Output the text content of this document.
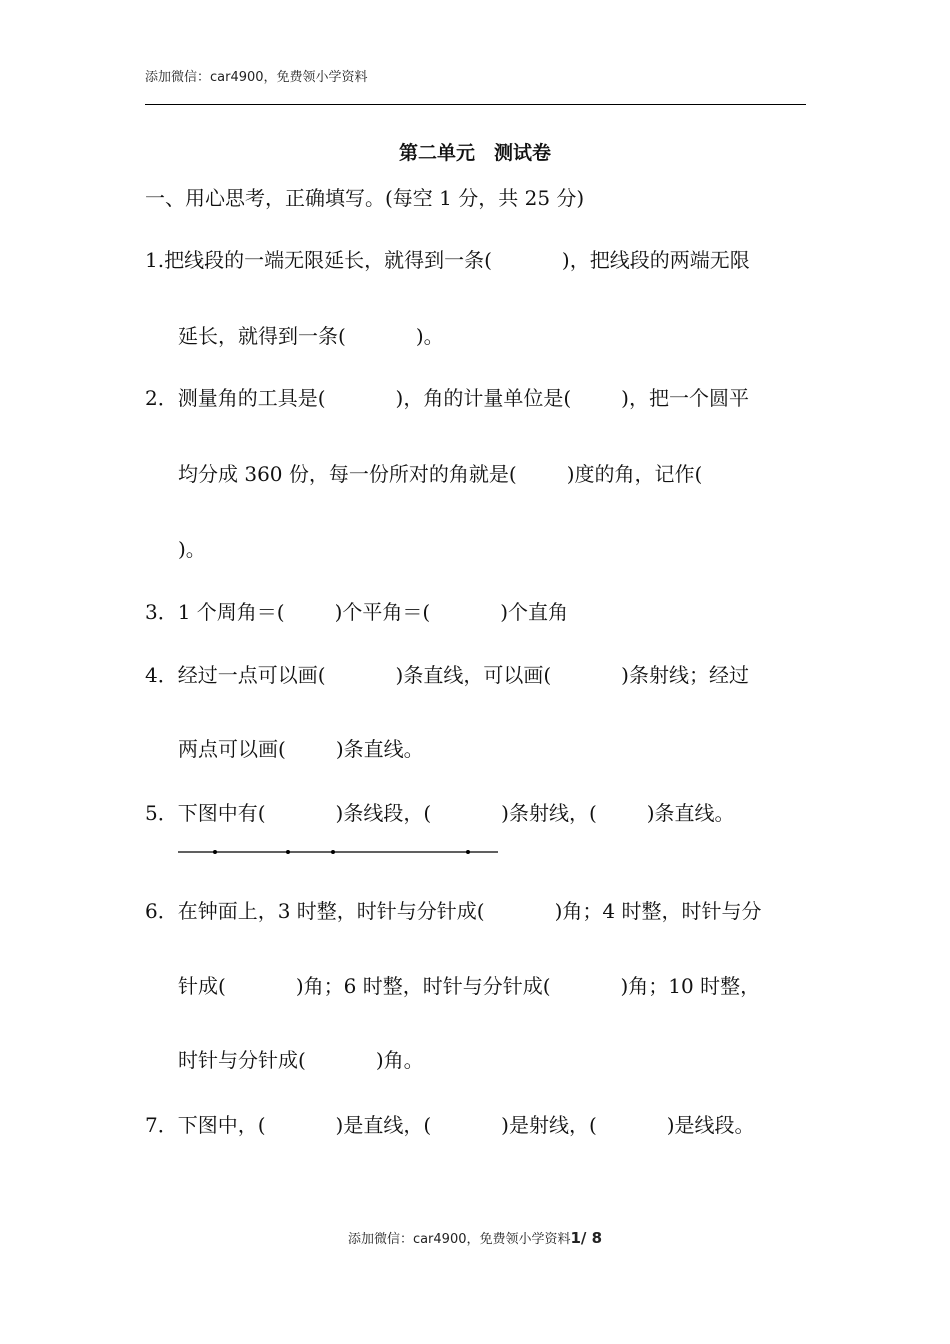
添加微信：car4900，免费领小学资料
第二单元　测试卷
一、用心思考，正确填写。(每空 1 分，共 25 分)
1.把线段的一端无限延长，就得到一条(	)，把线段的两端无限
延长，就得到一条(	)。
2．测量角的工具是(	)，角的计量单位是(	)，把一个圆平
均分成 360 份，每一份所对的角就是(	)度的角，记作(
)。
3．1 个周角＝(	)个平角＝(	)个直角
4．经过一点可以画(	)条直线，可以画(	)条射线；经过
两点可以画(	)条直线。
5．下图中有(	)条线段，(	)条射线，(	)条直线。
6．在钟面上，3 时整，时针与分针成(	)角；4 时整，时针与分
针成(	)角；6 时整，时针与分针成(	)角；10 时整，
时针与分针成(	)角。
7．下图中，(	)是直线，(	)是射线，(	)是线段。
添加微信：car4900，免费领小学资料1/ 8
